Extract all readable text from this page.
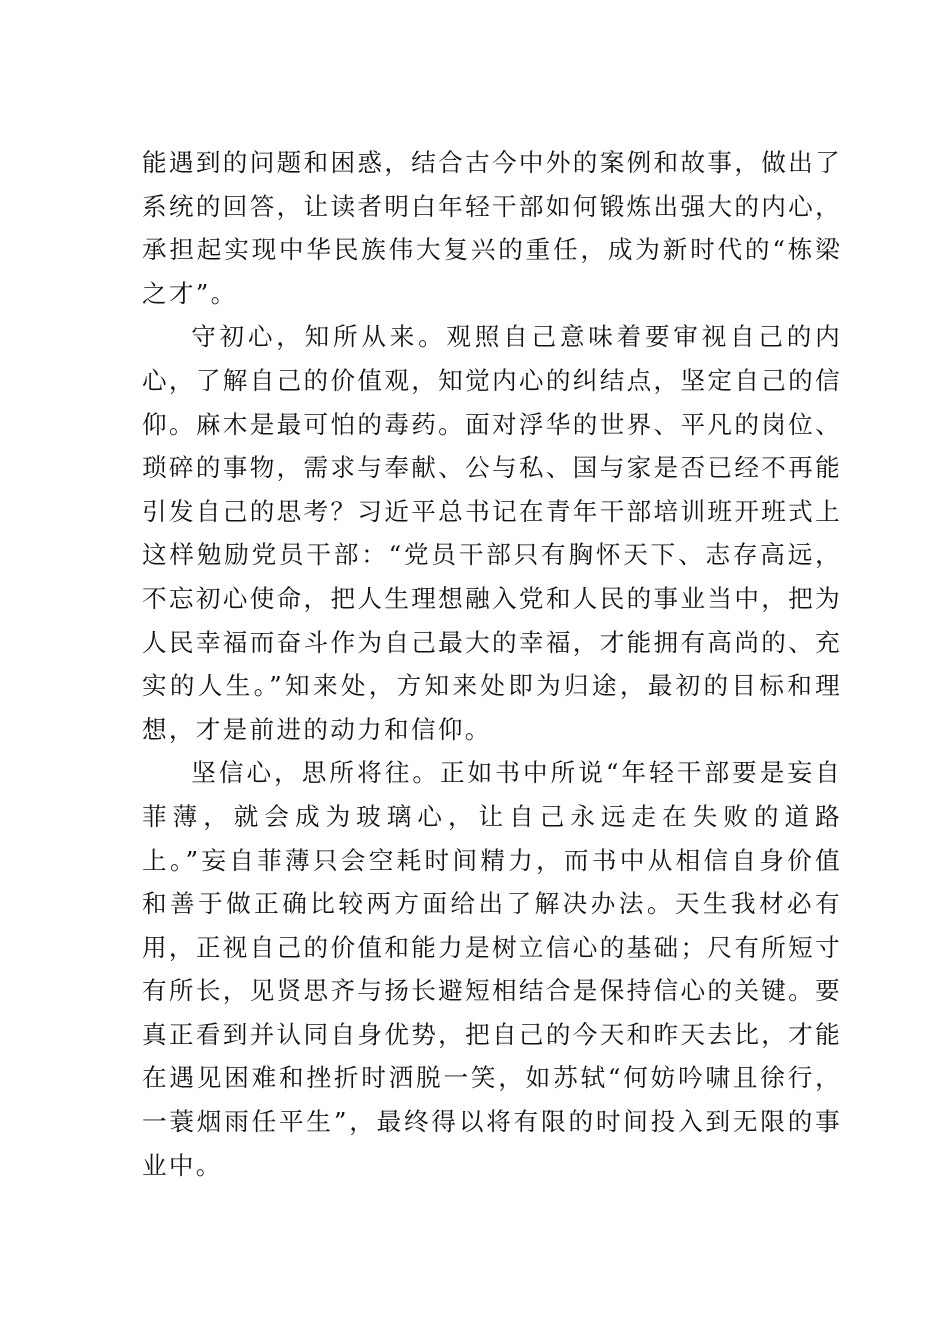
能遇到的问题和困惑，结合古今中外的案例和故事，做出了系统的回答，让读者明白年轻干部如何锻炼出强大的内心，承担起实现中华民族伟大复兴的重任，成为新时代的“栋梁之才”。

守初心，知所从来。观照自己意味着要审视自己的内心，了解自己的价值观，知觉内心的纠结点，坚定自己的信仰。麻木是最可怕的毒药。面对浮华的世界、平凡的岗位、琐碎的事物，需求与奉献、公与私、国与家是否已经不再能引发自己的思考？习近平总书记在青年干部培训班开班式上这样勉励党员干部：“党员干部只有胸怀天下、志存高远，不忘初心使命，把人生理想融入党和人民的事业当中，把为人民幸福而奋斗作为自己最大的幸福，才能拥有高尚的、充实的人生。”知来处，方知来处即为归途，最初的目标和理想，才是前进的动力和信仰。

坚信心，思所将往。正如书中所说“年轻干部要是妄自菲薄，就会成为玻璃心，让自己永远走在失败的道路上。”妄自菲薄只会空耗时间精力，而书中从相信自身价值和善于做正确比较两方面给出了解决办法。天生我材必有用，正视自己的价值和能力是树立信心的基础；尺有所短寸有所长，见贤思齐与扬长避短相结合是保持信心的关键。要真正看到并认同自身优势，把自己的今天和昨天去比，才能在遇见困难和挫折时洒脱一笑，如苏轼“何妨吟啸且徐行，一蓑烟雨任平生”，最终得以将有限的时间投入到无限的事业中。
